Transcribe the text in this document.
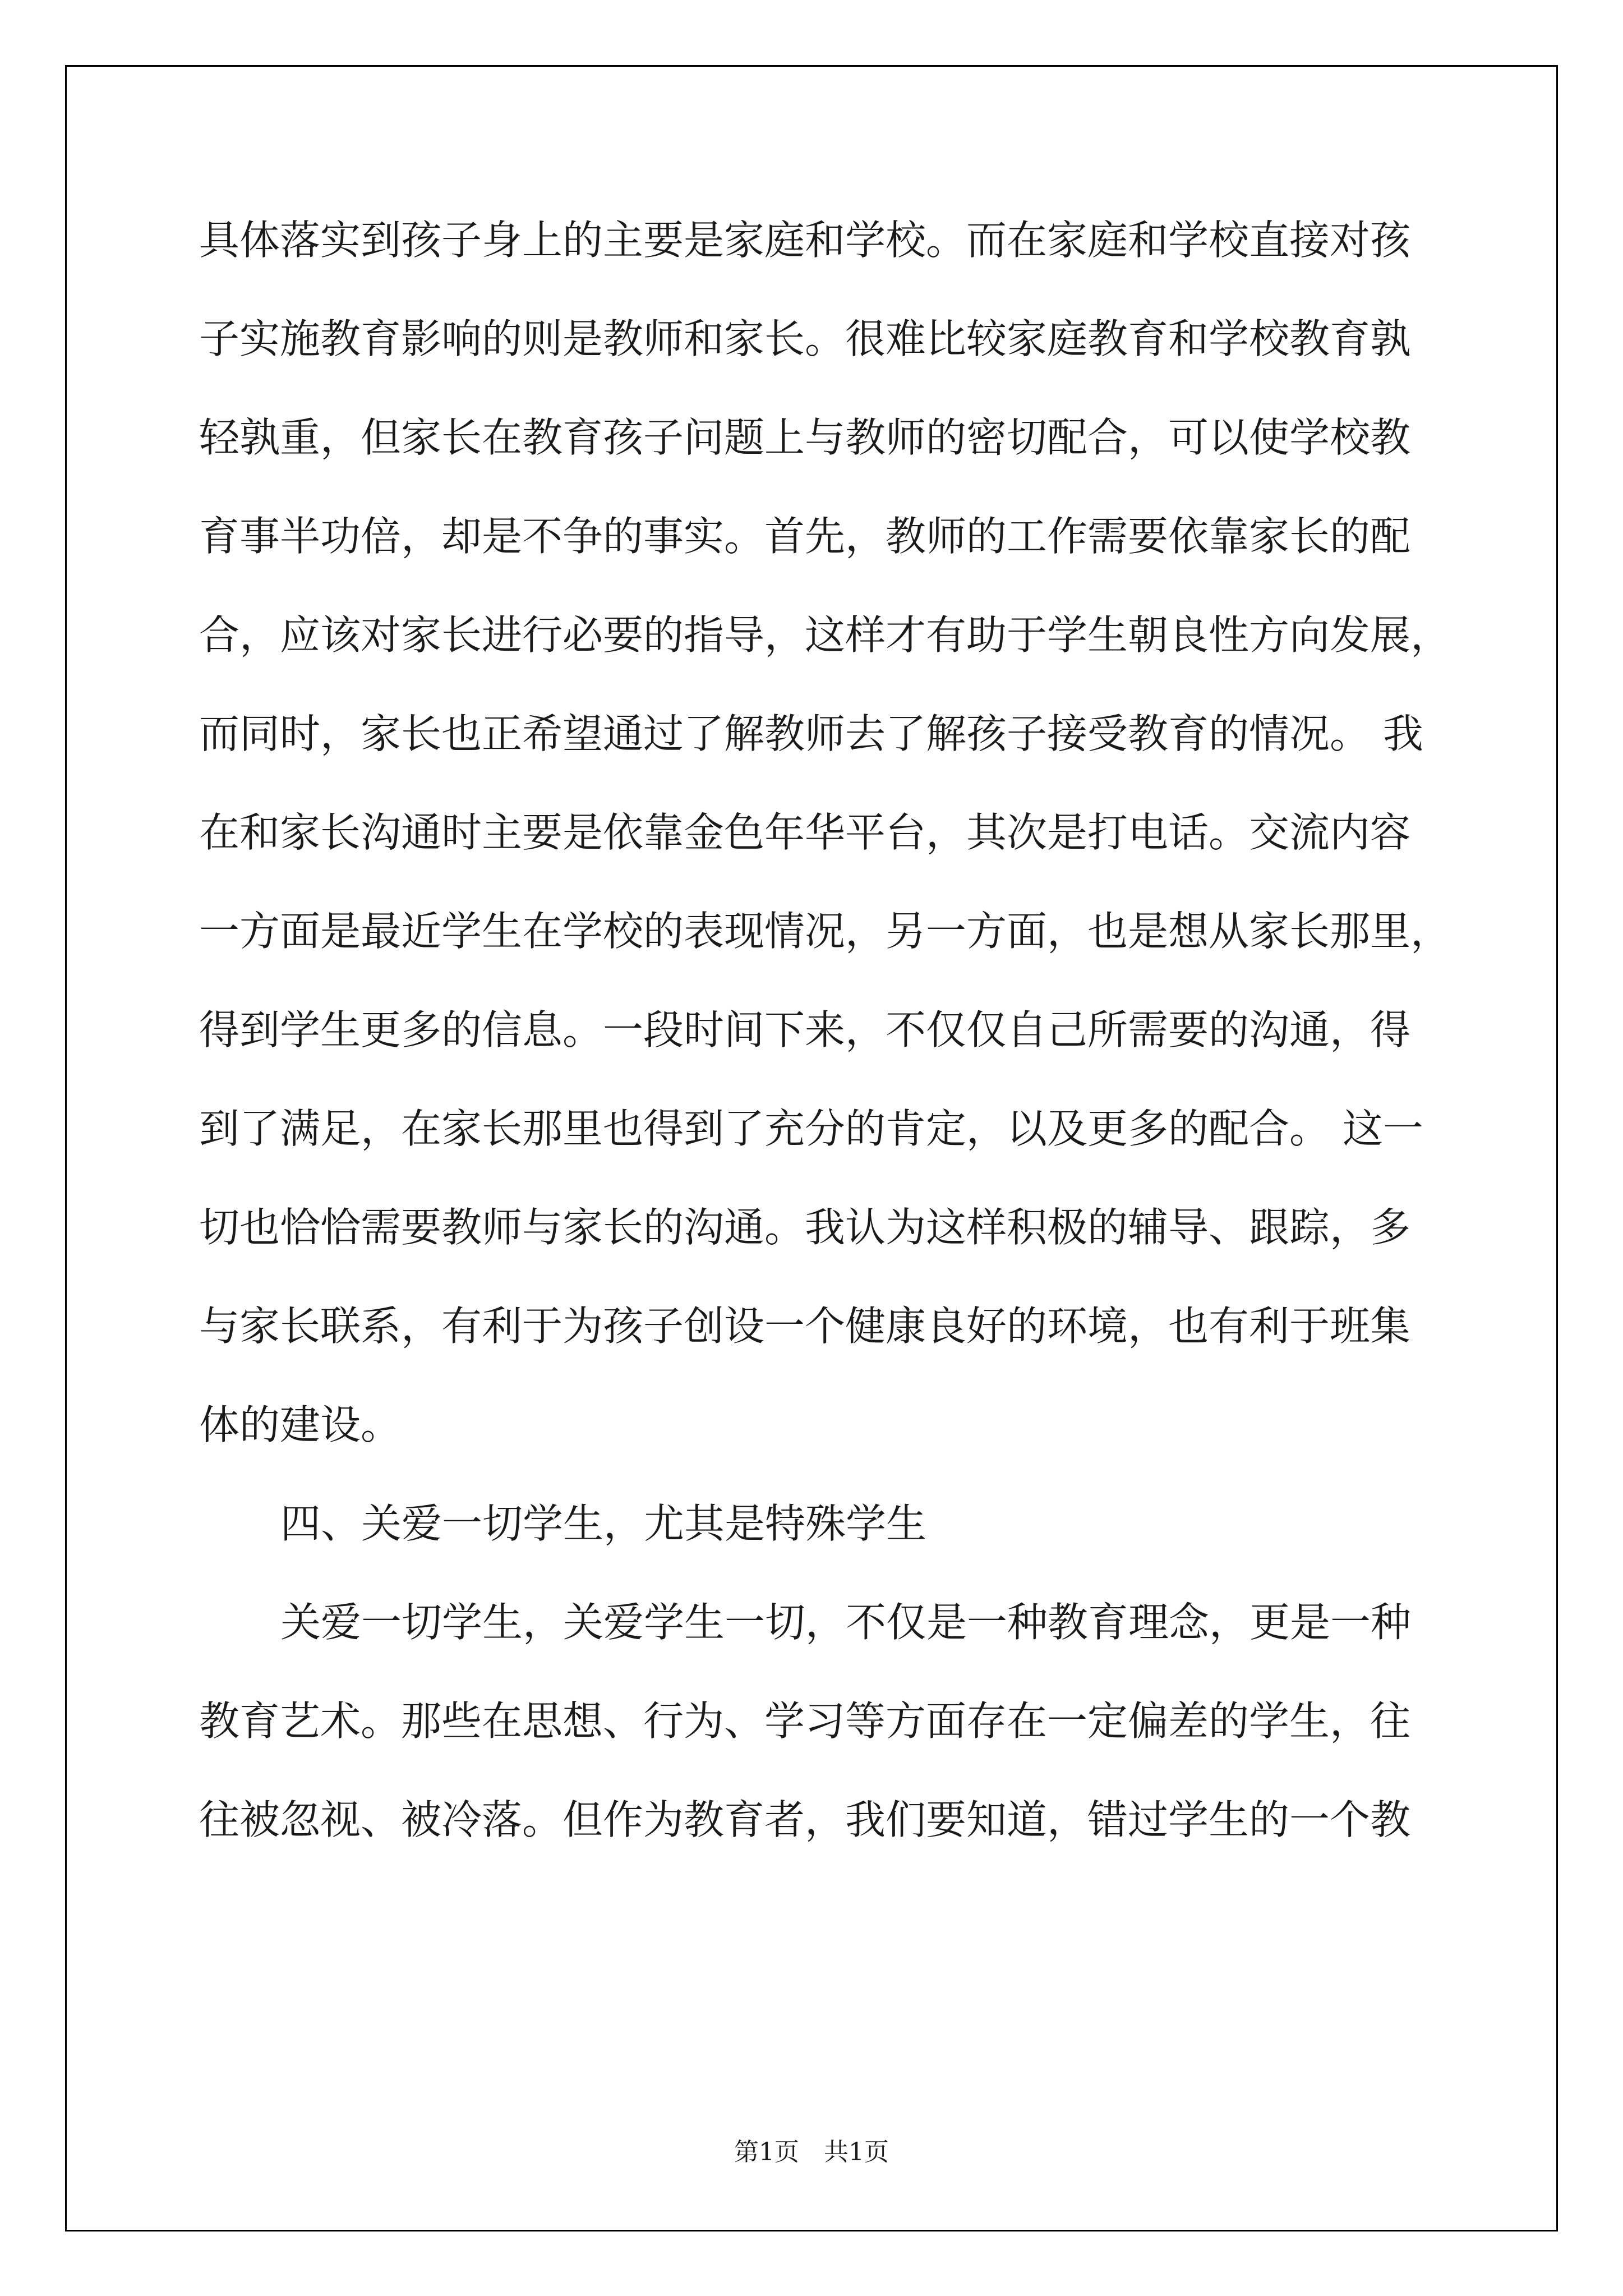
具体落实到孩子身上的主要是家庭和学校。而在家庭和学校直接对孩
子实施教育影响的则是教师和家长。很难比较家庭教育和学校教育孰
轻孰重，但家长在教育孩子问题上与教师的密切配合，可以使学校教
育事半功倍，却是不争的事实。首先，教师的工作需要依靠家长的配
合，应该对家长进行必要的指导，这样才有助于学生朝良性方向发展，
而同时，家长也正希望通过了解教师去了解孩子接受教育的情况。 我
在和家长沟通时主要是依靠金色年华平台，其次是打电话。交流内容
一方面是最近学生在学校的表现情况，另一方面，也是想从家长那里，
得到学生更多的信息。一段时间下来，不仅仅自己所需要的沟通，得
到了满足，在家长那里也得到了充分的肯定，以及更多的配合。 这一
切也恰恰需要教师与家长的沟通。我认为这样积极的辅导、跟踪，多
与家长联系，有利于为孩子创设一个健康良好的环境，也有利于班集
体的建设。
四、关爱一切学生，尤其是特殊学生
关爱一切学生，关爱学生一切，不仅是一种教育理念，更是一种
教育艺术。那些在思想、行为、学习等方面存在一定偏差的学生，往
往被忽视、被冷落。但作为教育者，我们要知道，错过学生的一个教
第1页　共1页
